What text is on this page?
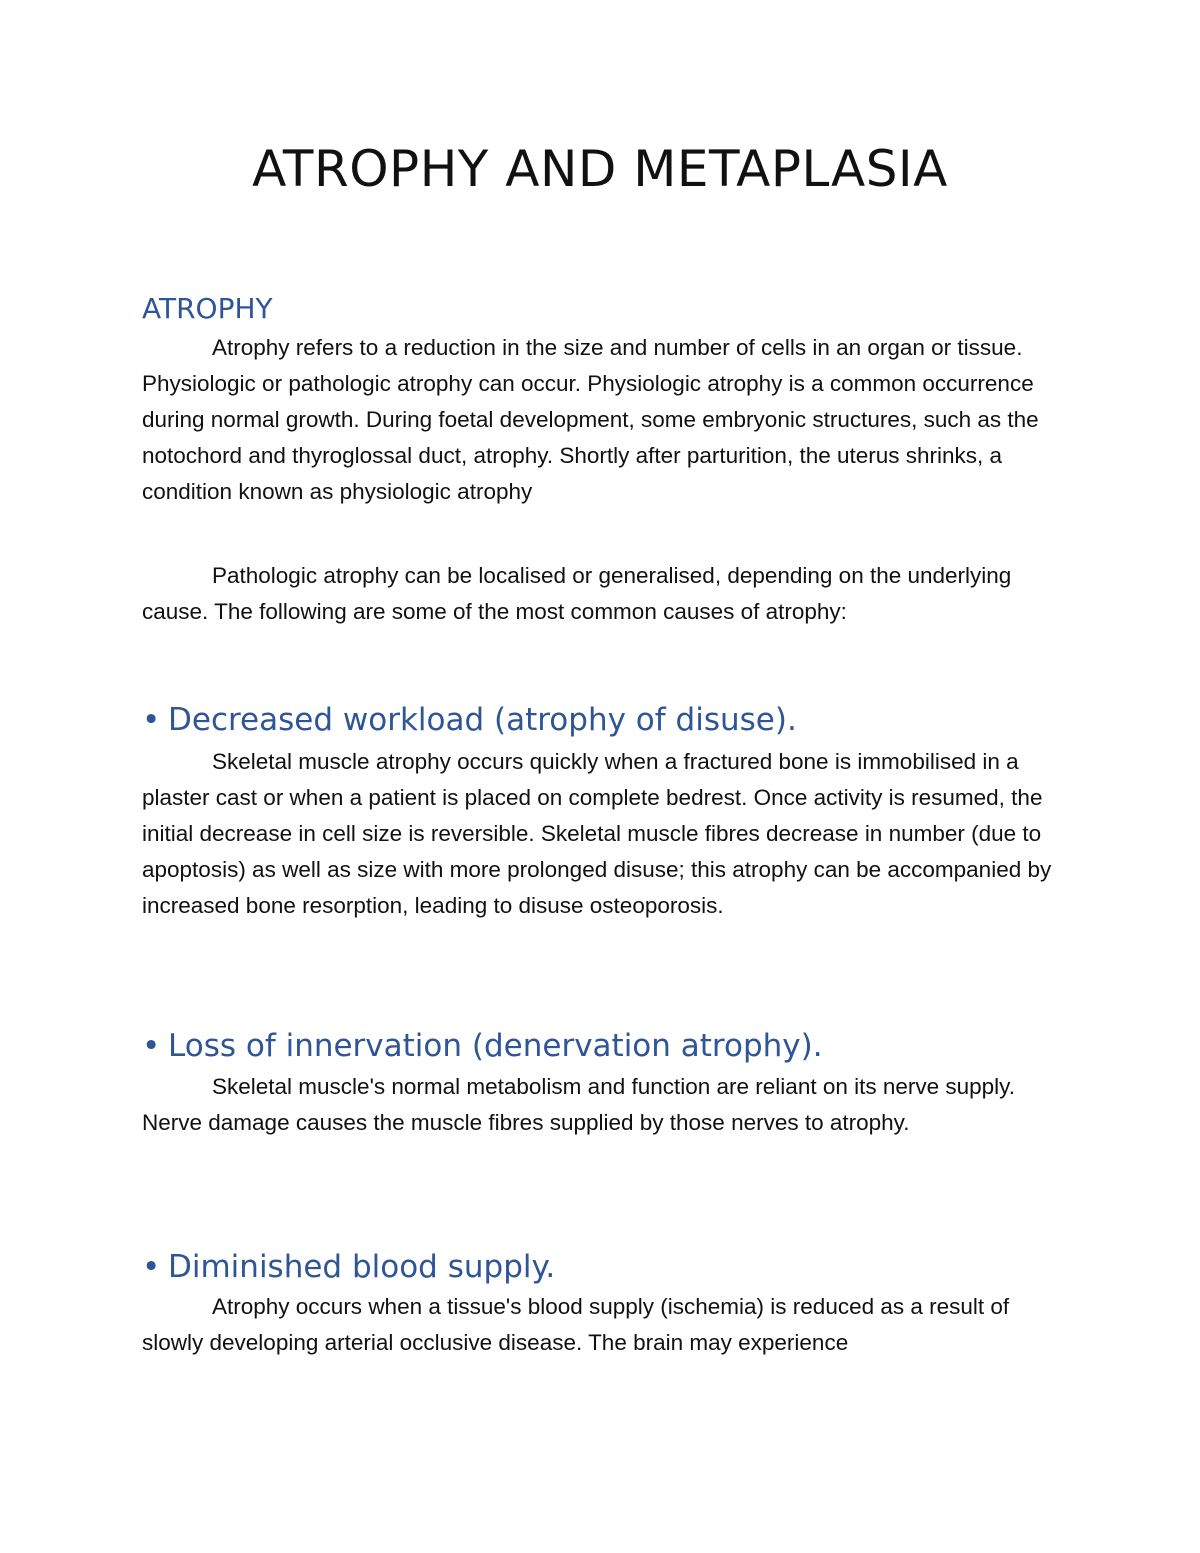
ATROPHY AND METAPLASIA
ATROPHY

Atrophy refers to a reduction in the size and number of cells in an organ or tissue. Physiologic or pathologic atrophy can occur. Physiologic atrophy is a common occurrence during normal growth. During foetal development, some embryonic structures, such as the notochord and thyroglossal duct, atrophy. Shortly after parturition, the uterus shrinks, a condition known as physiologic atrophy

Pathologic atrophy can be localised or generalised, depending on the underlying cause. The following are some of the most common causes of atrophy:

• Decreased workload (atrophy of disuse).

Skeletal muscle atrophy occurs quickly when a fractured bone is immobilised in a plaster cast or when a patient is placed on complete bedrest. Once activity is resumed, the initial decrease in cell size is reversible. Skeletal muscle fibres decrease in number (due to apoptosis) as well as size with more prolonged disuse; this atrophy can be accompanied by increased bone resorption, leading to disuse osteoporosis.

• Loss of innervation (denervation atrophy).

Skeletal muscle's normal metabolism and function are reliant on its nerve supply. Nerve damage causes the muscle fibres supplied by those nerves to atrophy.

• Diminished blood supply.

Atrophy occurs when a tissue's blood supply (ischemia) is reduced as a result of slowly developing arterial occlusive disease. The brain may experience
